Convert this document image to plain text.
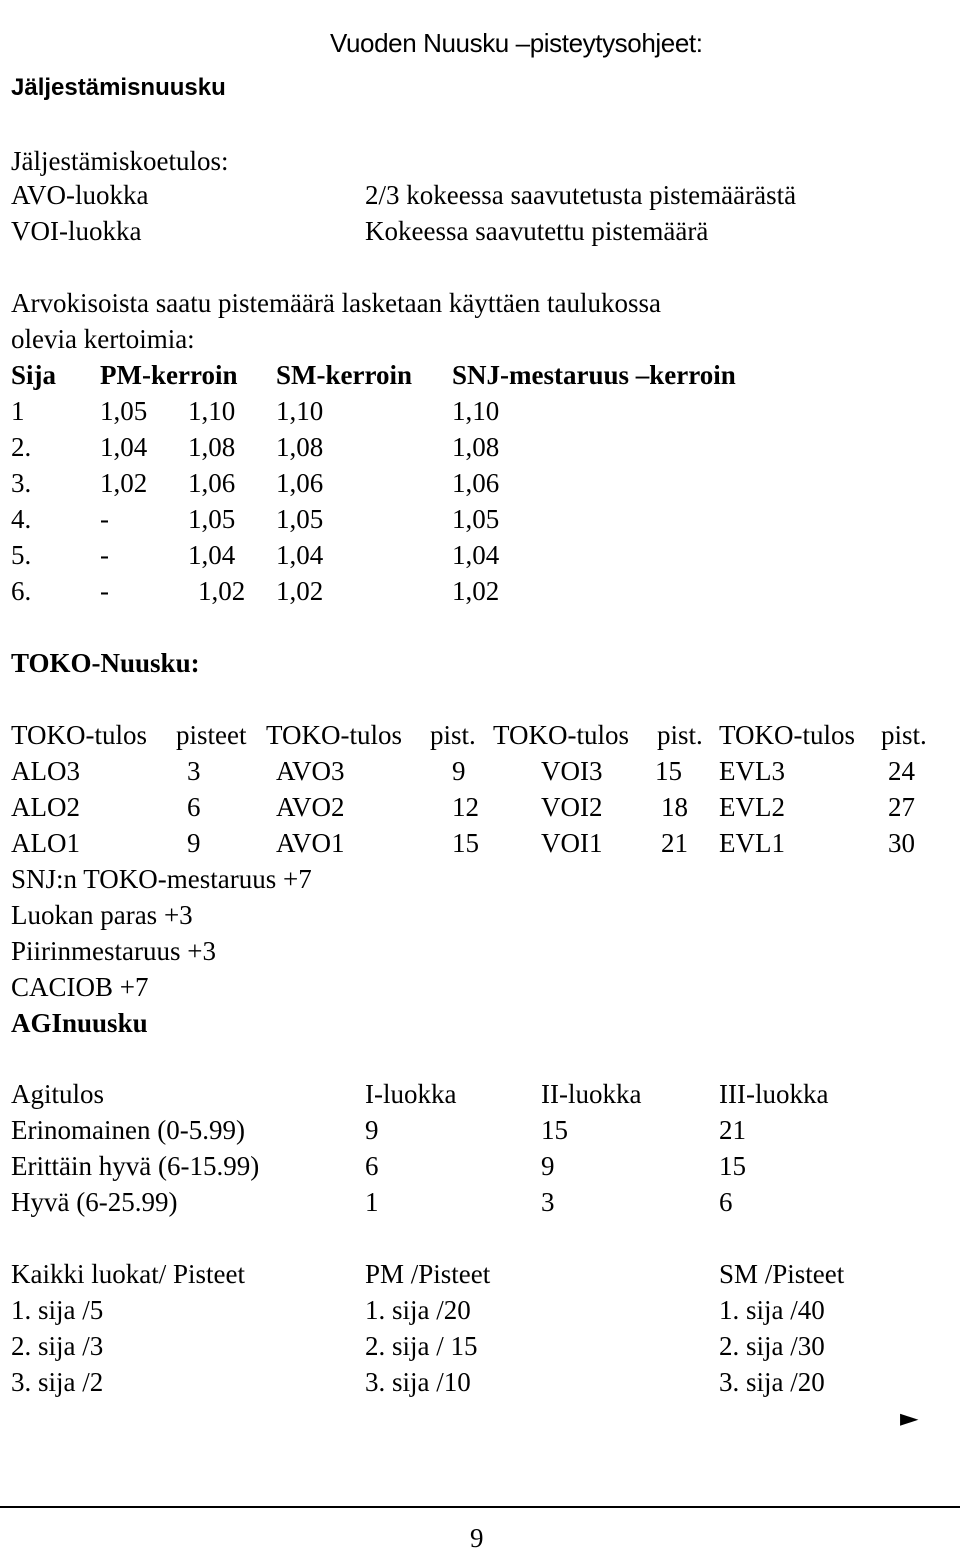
Vuoden Nuusku –pisteytysohjeet:
Jäljestämisnuusku
Jäljestämiskoetulos:
AVO-luokka	2/3 kokeessa saavutetusta pistemäärästä
VOI-luokka	Kokeessa saavutettu pistemäärä
Arvokisoista saatu pistemäärä lasketaan käyttäen taulukossa
olevia kertoimia:
Sija PM-kerroin SM-kerroin SNJ-mestaruus –kerroin
1	1,05 1,10 1,10	1,10
2.	1,04 1,08 1,08	1,08
3.	1,02 1,06 1,06	1,06
4.	-	1,05 1,05	1,05
5.	-	1,04 1,04	1,04
6.	-	1,02 1,02	1,02
TOKO-Nuusku:
TOKO-tulos pisteet TOKO-tulos pist. TOKO-tulos pist. TOKO-tulos pist.
ALO3	3	AVO3	9	VOI3 15 EVL3	24
ALO2	6	AVO2	12 VOI2 18 EVL2	27
ALO1	9	AVO1	15 VOI1 21 EVL1	30
SNJ:n TOKO-mestaruus +7
Luokan paras +3
Piirinmestaruus +3
CACIOB +7
AGInuusku
Agitulos	I-luokka	II-luokka	III-luokka
Erinomainen (0-5.99)	9	15	21
Erittäin hyvä (6-15.99)	6	9	15
Hyvä (6-25.99)	1	3	6
Kaikki luokat/ Pisteet	PM /Pisteet	SM /Pisteet
1. sija /5	1. sija /20	1. sija /40
2. sija /3	2. sija / 15	2. sija /30
3. sija /2	3. sija /10	3. sija /20
►
9
